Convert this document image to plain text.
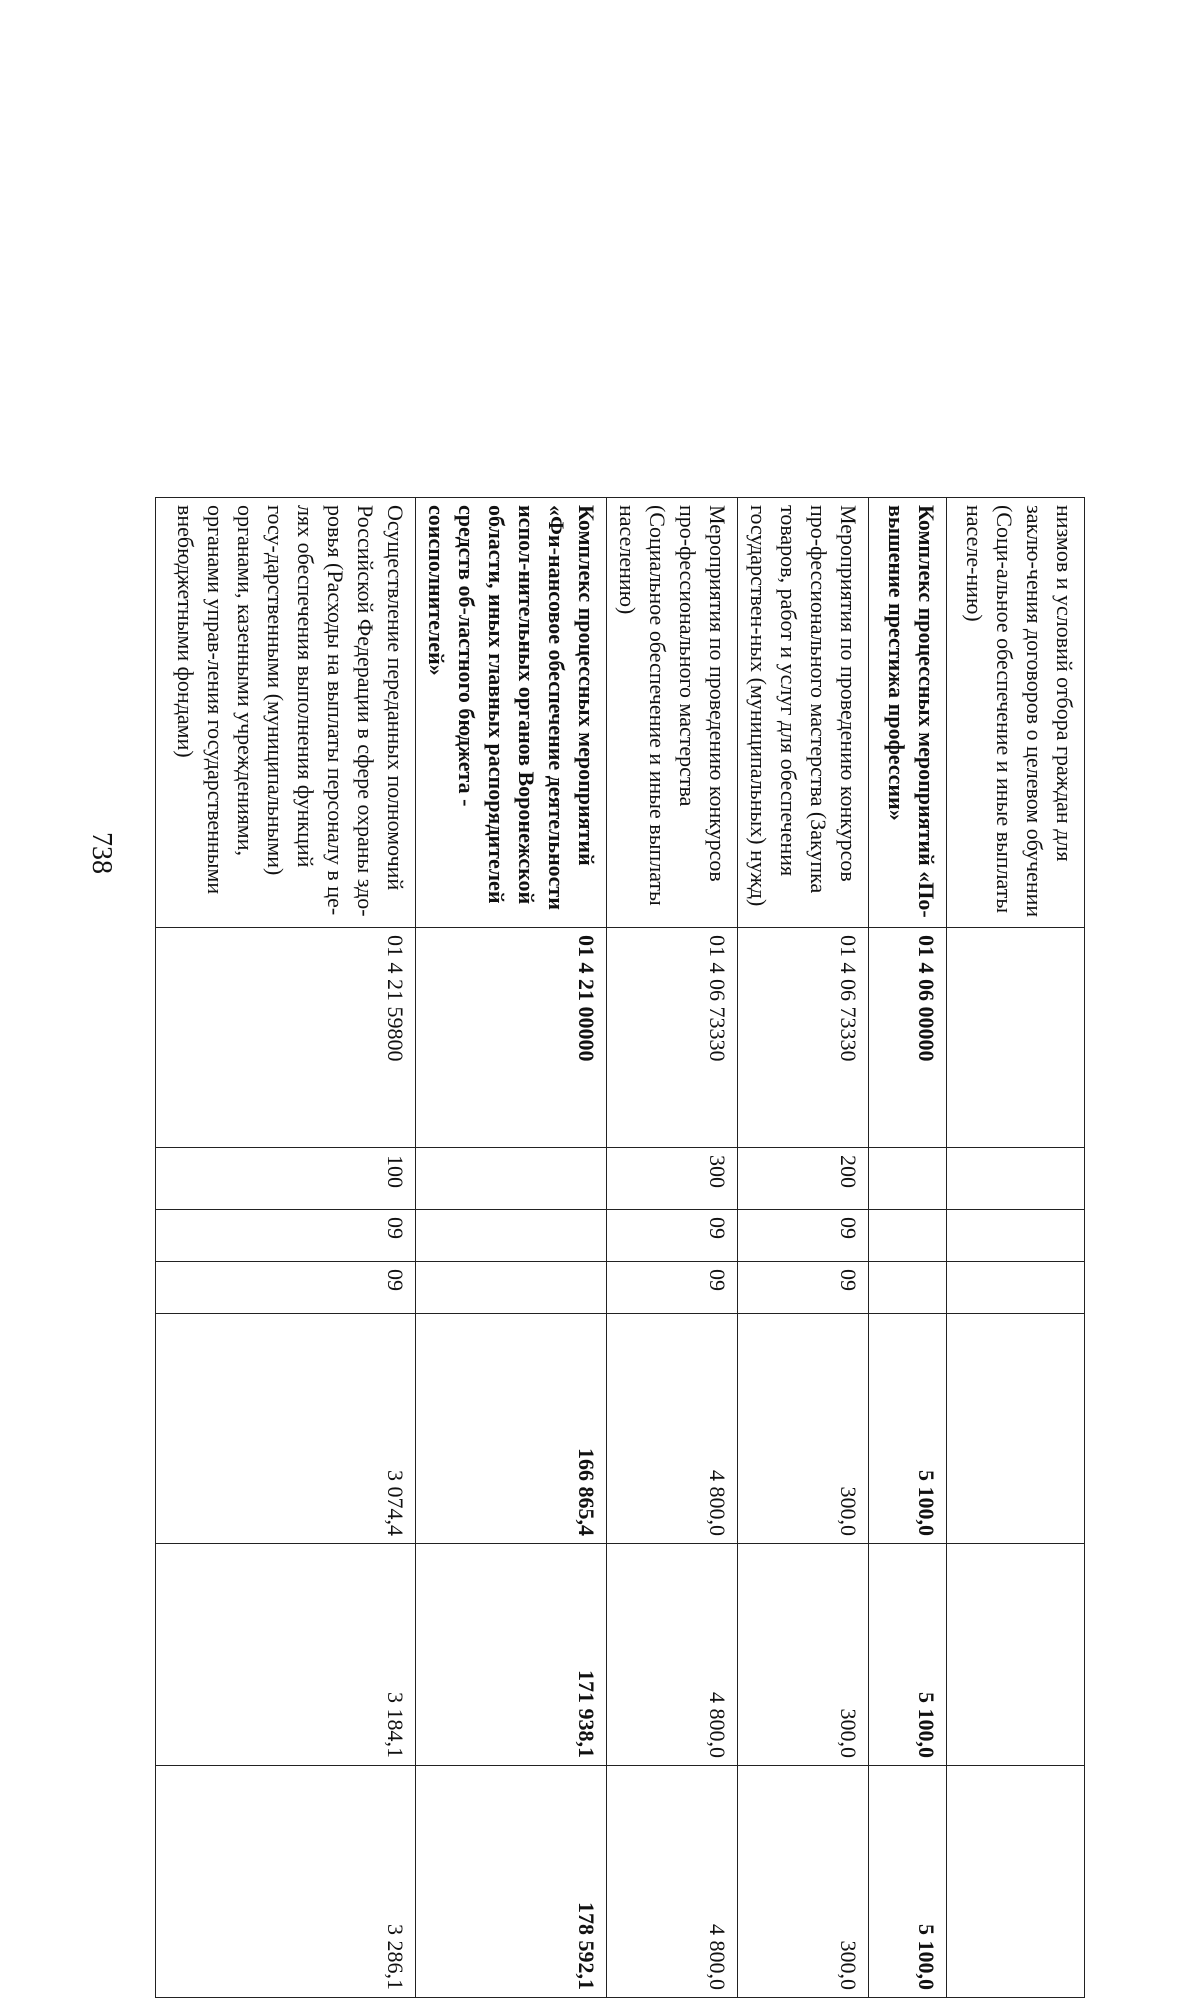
738	низмов и условий отбора граждан для заклю-чения договоров о целевом обучении (Соци-альное обеспечение и иные выплаты населе-нию)							
Комплекс процессных мероприятий «По-вышение престижа профессии»	01 4 06 00000				5 100,0	5 100,0	5 100,0
Мероприятия по проведению конкурсов про-фессионального мастерства (Закупка товаров, работ и услуг для обеспечения государствен-ных (муниципальных) нужд)	01 4 06 73330	200	09	09	300,0	300,0	300,0
Мероприятия по проведению конкурсов про-фессионального мастерства (Социальное обеспечение и иные выплаты населению)	01 4 06 73330	300	09	09	4 800,0	4 800,0	4 800,0
Комплекс процессных мероприятий «Фи-нансовое обеспечение деятельности испол-нительных органов Воронежской области, иных главных распорядителей средств об-ластного бюджета - соисполнителей»	01 4 21 00000				166 865,4	171 938,1	178 592,1
Осуществление переданных полномочий Российской Федерации в сфере охраны здо-ровья (Расходы на выплаты персоналу в це-лях обеспечения выполнения функций госу-дарственными (муниципальными) органами, казенными учреждениями, органами управ-ления государственными внебюджетными фондами)	01 4 21 59800	100	09	09	3 074,4	3 184,1	3 286,1
